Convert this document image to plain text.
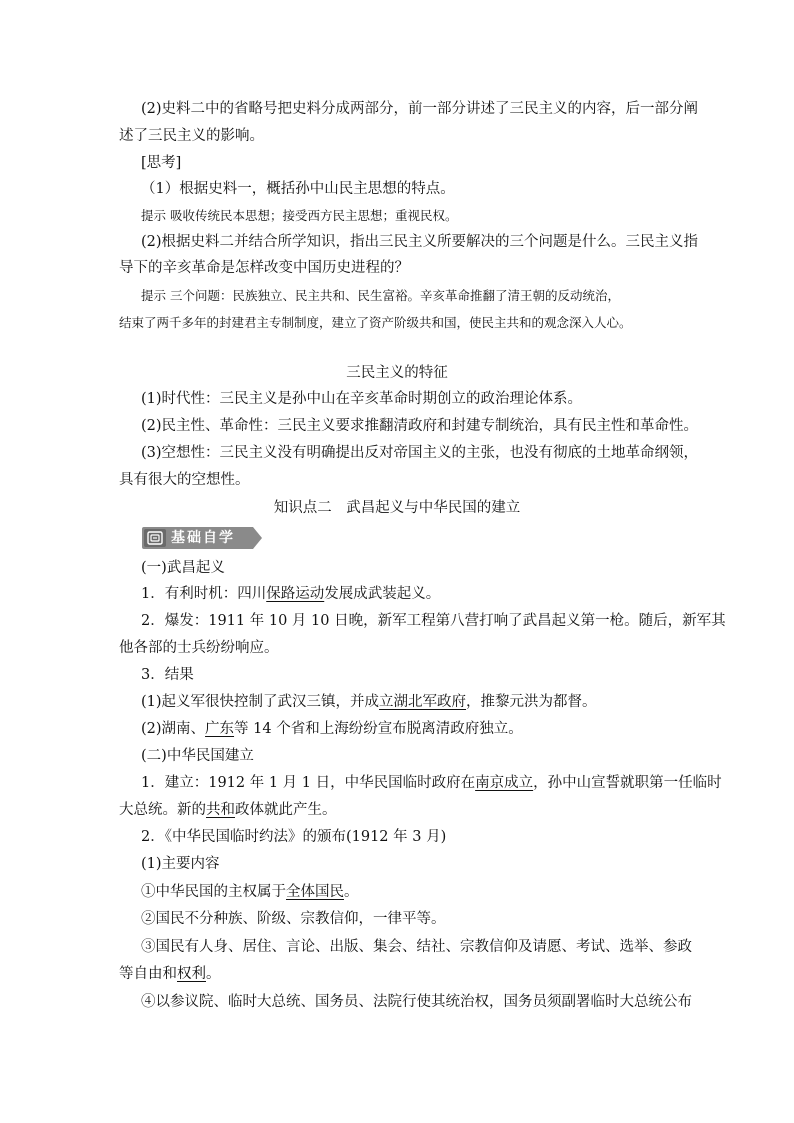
(2)史料二中的省略号把史料分成两部分，前一部分讲述了三民主义的内容，后一部分阐
述了三民主义的影响。
[思考]
（1）根据史料一，概括孙中山民主思想的特点。
提示 吸收传统民本思想；接受西方民主思想；重视民权。
(2)根据史料二并结合所学知识，指出三民主义所要解决的三个问题是什么。三民主义指
导下的辛亥革命是怎样改变中国历史进程的？
提示 三个问题：民族独立、民主共和、民生富裕。辛亥革命推翻了清王朝的反动统治，
结束了两千多年的封建君主专制制度，建立了资产阶级共和国，使民主共和的观念深入人心。
三民主义的特征
(1)时代性：三民主义是孙中山在辛亥革命时期创立的政治理论体系。
(2)民主性、革命性：三民主义要求推翻清政府和封建专制统治，具有民主性和革命性。
(3)空想性：三民主义没有明确提出反对帝国主义的主张，也没有彻底的土地革命纲领，
具有很大的空想性。
知识点二　武昌起义与中华民国的建立
基础自学
(一)武昌起义
1．有利时机：四川保路运动发展成武装起义。
2．爆发：1911 年 10 月 10 日晚，新军工程第八营打响了武昌起义第一枪。随后，新军其
他各部的士兵纷纷响应。
3．结果
(1)起义军很快控制了武汉三镇，并成立湖北军政府，推黎元洪为都督。
(2)湖南、广东等 14 个省和上海纷纷宣布脱离清政府独立。
(二)中华民国建立
1．建立：1912 年 1 月 1 日，中华民国临时政府在南京成立，孙中山宣誓就职第一任临时
大总统。新的共和政体就此产生。
2．《中华民国临时约法》的颁布(1912 年 3 月)
(1)主要内容
①中华民国的主权属于全体国民。
②国民不分种族、阶级、宗教信仰，一律平等。
③国民有人身、居住、言论、出版、集会、结社、宗教信仰及请愿、考试、选举、参政
等自由和权利。
④以参议院、临时大总统、国务员、法院行使其统治权，国务员须副署临时大总统公布
